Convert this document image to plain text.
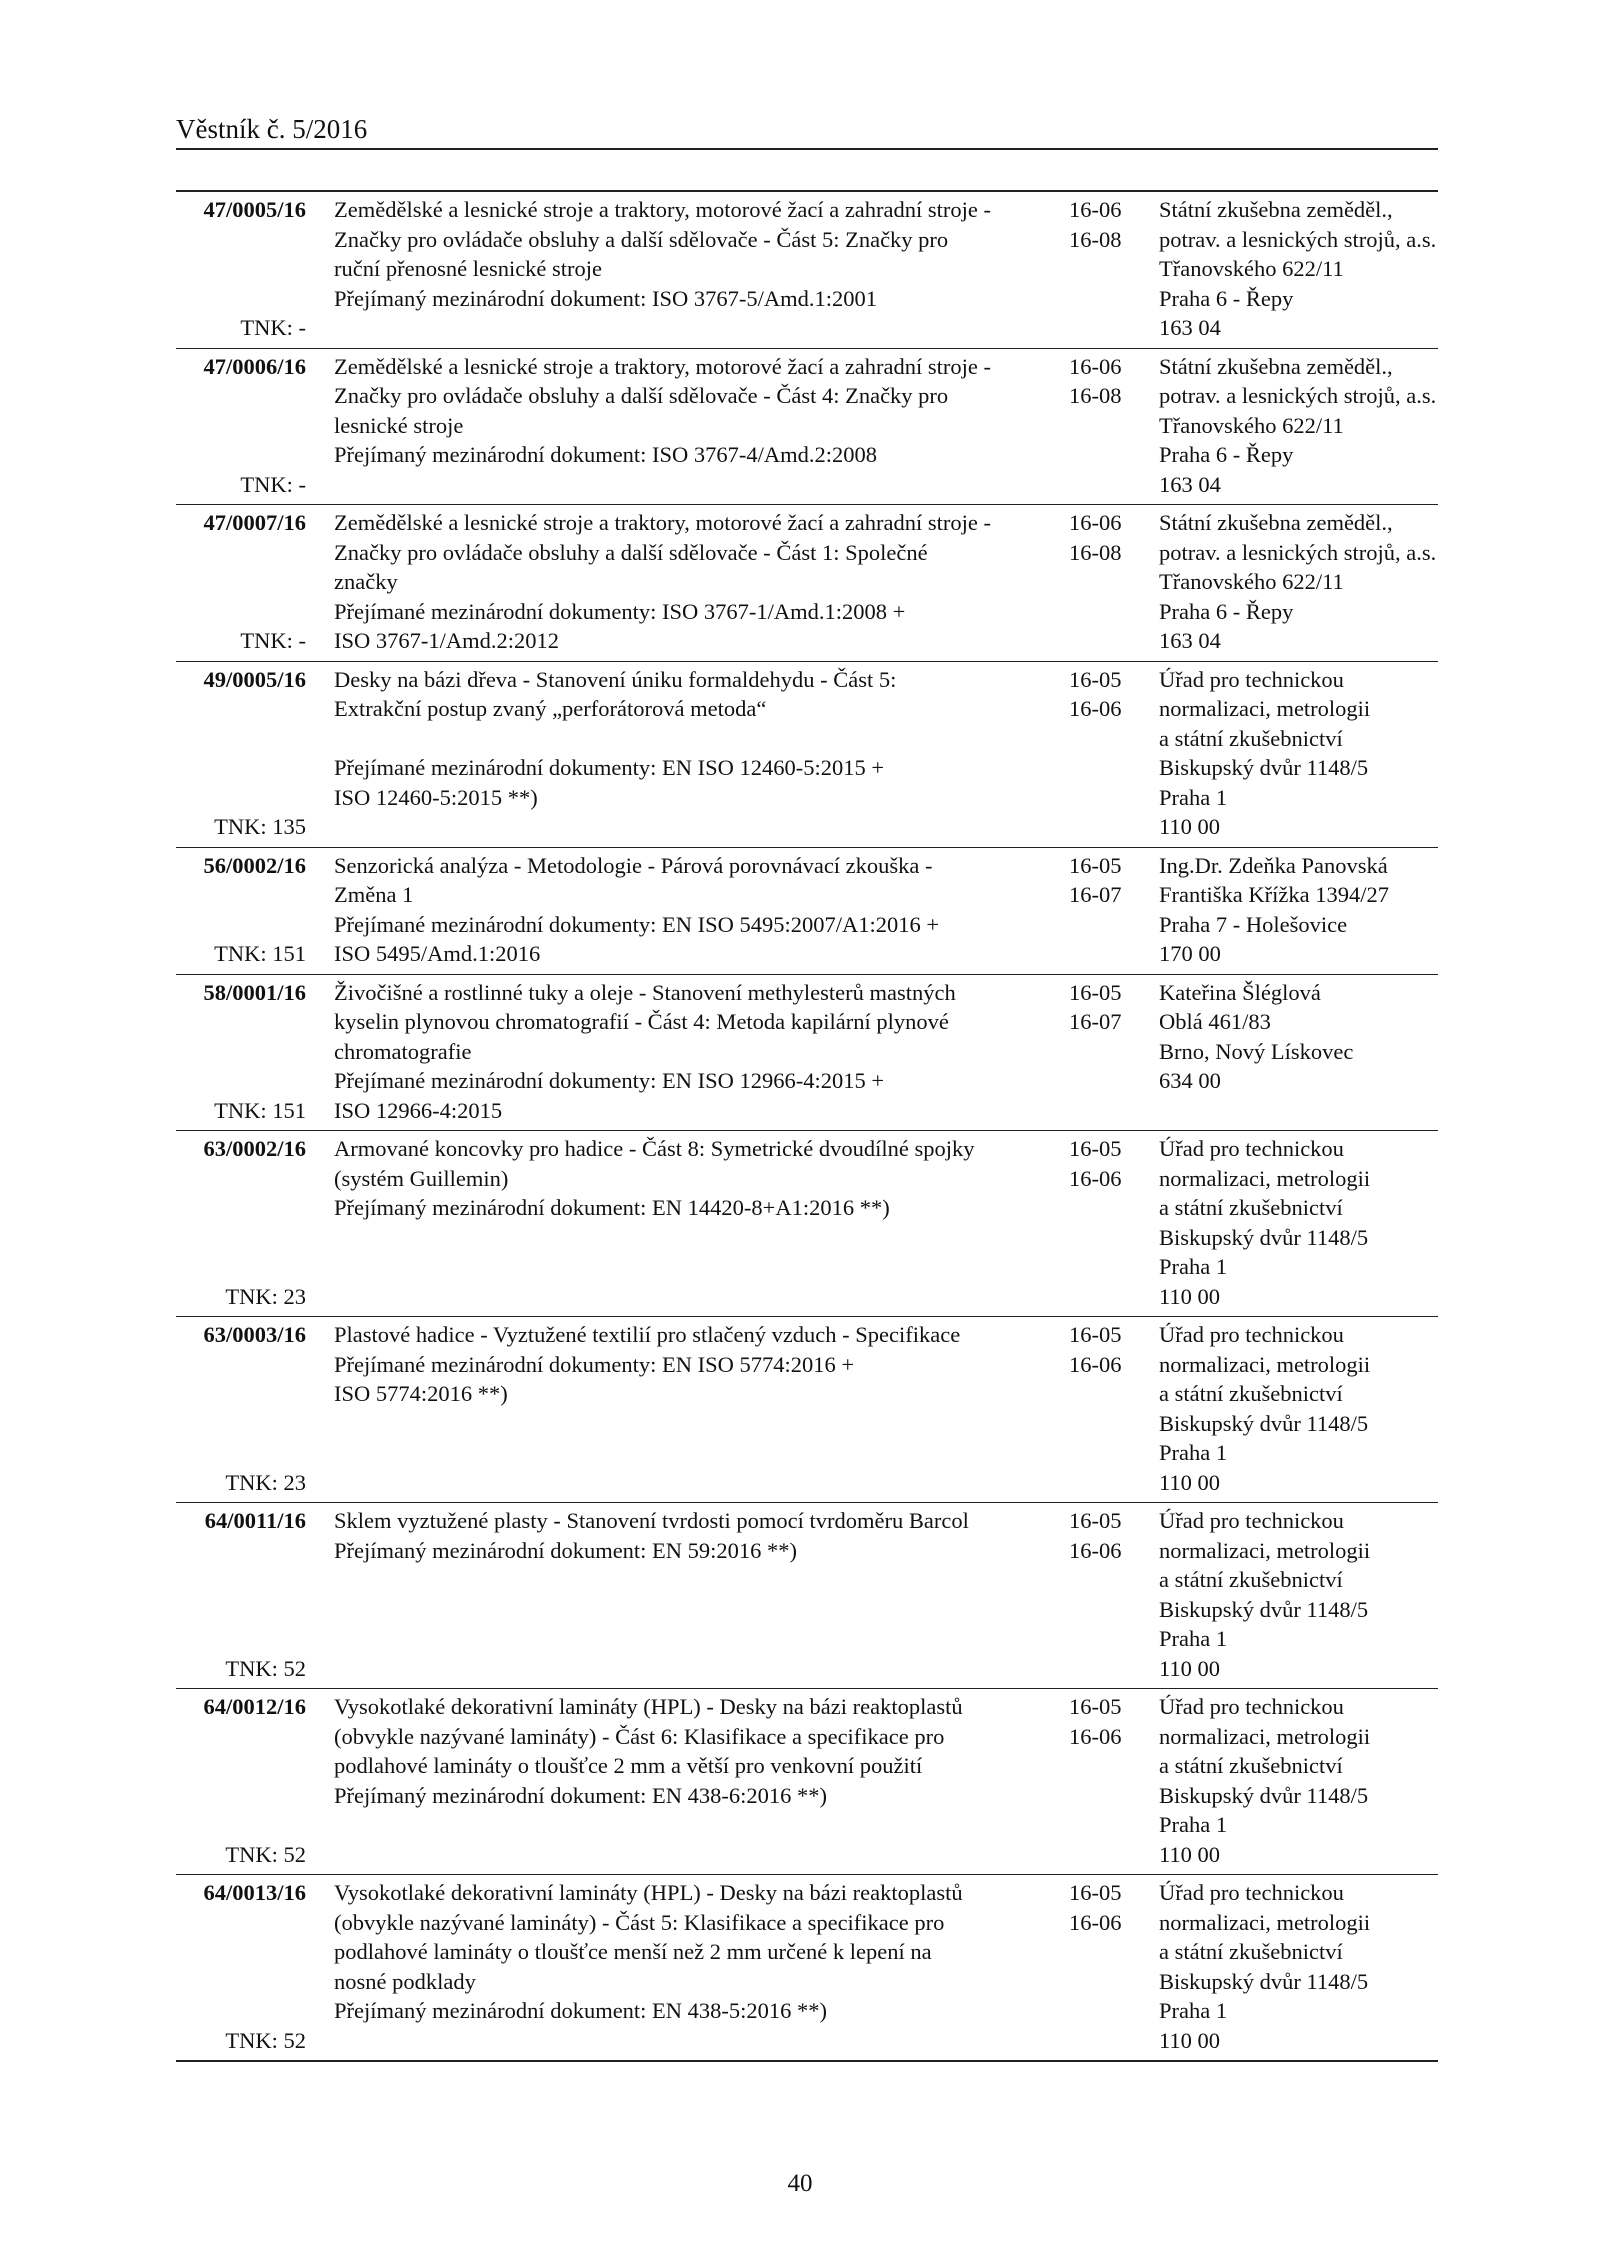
Věstník č. 5/2016
47/0005/16
TNK: -
Zemědělské a lesnické stroje a traktory, motorové žací a zahradní stroje -
Značky pro ovládače obsluhy a další sdělovače - Část 5: Značky pro
ruční přenosné lesnické stroje
Přejímaný mezinárodní dokument: ISO 3767-5/Amd.1:2001
16-06
16-08
Státní zkušebna zeměděl.,
potrav. a lesnických strojů, a.s.
Třanovského 622/11
Praha 6 - Řepy
163 04
47/0006/16
TNK: -
Zemědělské a lesnické stroje a traktory, motorové žací a zahradní stroje -
Značky pro ovládače obsluhy a další sdělovače - Část 4: Značky pro
lesnické stroje
Přejímaný mezinárodní dokument: ISO 3767-4/Amd.2:2008
16-06
16-08
Státní zkušebna zeměděl.,
potrav. a lesnických strojů, a.s.
Třanovského 622/11
Praha 6 - Řepy
163 04
47/0007/16
TNK: -
Zemědělské a lesnické stroje a traktory, motorové žací a zahradní stroje -
Značky pro ovládače obsluhy a další sdělovače - Část 1: Společné
značky
Přejímané mezinárodní dokumenty: ISO 3767-1/Amd.1:2008 +
ISO 3767-1/Amd.2:2012
16-06
16-08
Státní zkušebna zeměděl.,
potrav. a lesnických strojů, a.s.
Třanovského 622/11
Praha 6 - Řepy
163 04
49/0005/16
TNK: 135
Desky na bázi dřeva - Stanovení úniku formaldehydu - Část 5:
Extrakční postup zvaný „perforátorová metoda“

Přejímané mezinárodní dokumenty: EN ISO 12460-5:2015 +
ISO 12460-5:2015 **)
16-05
16-06
Úřad pro technickou
normalizaci, metrologii
a státní zkušebnictví
Biskupský dvůr 1148/5
Praha 1
110 00
56/0002/16
TNK: 151
Senzorická analýza - Metodologie - Párová porovnávací zkouška -
Změna 1
Přejímané mezinárodní dokumenty: EN ISO 5495:2007/A1:2016 +
ISO 5495/Amd.1:2016
16-05
16-07
Ing.Dr. Zdeňka Panovská
Františka Křížka 1394/27
Praha 7 - Holešovice
170 00
58/0001/16
TNK: 151
Živočišné a rostlinné tuky a oleje - Stanovení methylesterů mastných
kyselin plynovou chromatografií - Část 4: Metoda kapilární plynové
chromatografie
Přejímané mezinárodní dokumenty: EN ISO 12966-4:2015 +
ISO 12966-4:2015
16-05
16-07
Kateřina Šléglová
Oblá 461/83
Brno, Nový Lískovec
634 00
63/0002/16
TNK: 23
Armované koncovky pro hadice - Část 8: Symetrické dvoudílné spojky
(systém Guillemin)
Přejímaný mezinárodní dokument: EN 14420-8+A1:2016 **)
16-05
16-06
Úřad pro technickou
normalizaci, metrologii
a státní zkušebnictví
Biskupský dvůr 1148/5
Praha 1
110 00
63/0003/16
TNK: 23
Plastové hadice - Vyztužené textilií pro stlačený vzduch - Specifikace
Přejímané mezinárodní dokumenty: EN ISO 5774:2016 +
ISO 5774:2016 **)
16-05
16-06
Úřad pro technickou
normalizaci, metrologii
a státní zkušebnictví
Biskupský dvůr 1148/5
Praha 1
110 00
64/0011/16
TNK: 52
Sklem vyztužené plasty - Stanovení tvrdosti pomocí tvrdoměru Barcol
Přejímaný mezinárodní dokument: EN 59:2016 **)
16-05
16-06
Úřad pro technickou
normalizaci, metrologii
a státní zkušebnictví
Biskupský dvůr 1148/5
Praha 1
110 00
64/0012/16
TNK: 52
Vysokotlaké dekorativní lamináty (HPL) - Desky na bázi reaktoplastů
(obvykle nazývané lamináty) - Část 6: Klasifikace a specifikace pro
podlahové lamináty o tloušťce 2 mm a větší pro venkovní použití
Přejímaný mezinárodní dokument: EN 438-6:2016 **)
16-05
16-06
Úřad pro technickou
normalizaci, metrologii
a státní zkušebnictví
Biskupský dvůr 1148/5
Praha 1
110 00
64/0013/16
TNK: 52
Vysokotlaké dekorativní lamináty (HPL) - Desky na bázi reaktoplastů
(obvykle nazývané lamináty) - Část 5: Klasifikace a specifikace pro
podlahové lamináty o tloušťce menší než 2 mm určené k lepení na
nosné podklady
Přejímaný mezinárodní dokument: EN 438-5:2016 **)
16-05
16-06
Úřad pro technickou
normalizaci, metrologii
a státní zkušebnictví
Biskupský dvůr 1148/5
Praha 1
110 00
40
